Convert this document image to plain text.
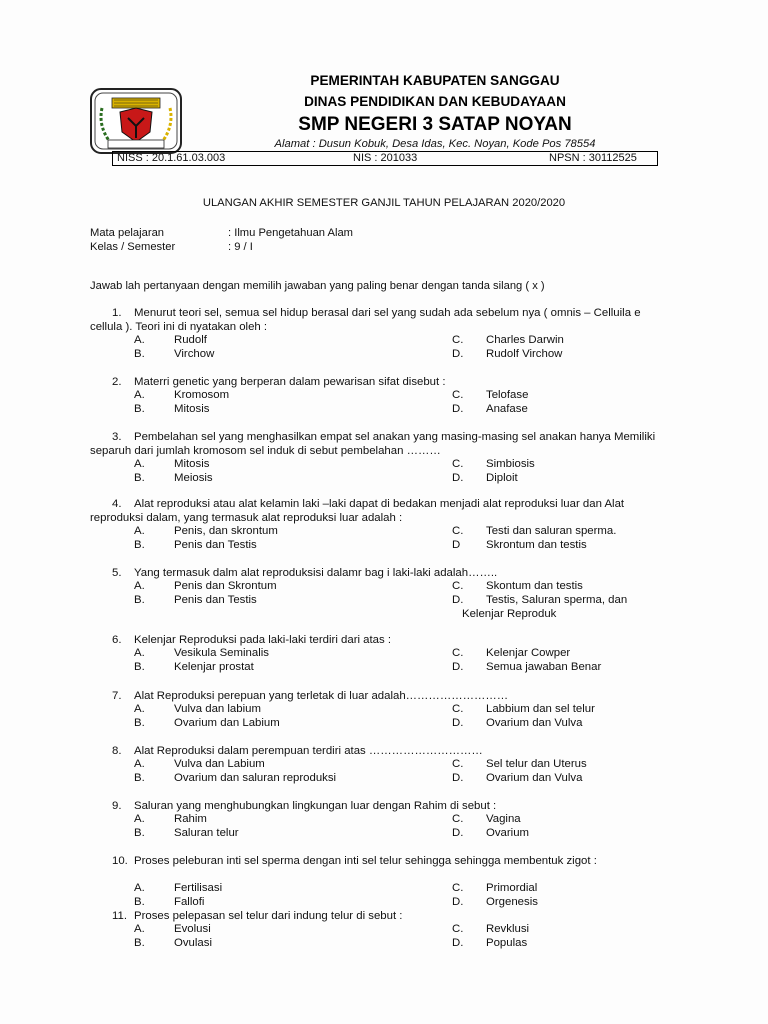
PEMERINTAH KABUPATEN SANGGAU
DINAS PENDIDIKAN DAN KEBUDAYAAN
SMP NEGERI 3 SATAP NOYAN
Alamat : Dusun Kobuk, Desa Idas, Kec. Noyan, Kode Pos 78554
NISS : 20.1.61.03.003	NIS : 201033	NPSN : 30112525
ULANGAN AKHIR SEMESTER GANJIL TAHUN PELAJARAN 2020/2020
Mata pelajaran	: Ilmu Pengetahuan Alam
Kelas / Semester	: 9 / I
Jawab lah pertanyaan dengan memilih jawaban yang paling benar dengan tanda silang ( x )
1.	Menurut teori sel, semua sel hidup berasal dari sel yang sudah ada sebelum nya ( omnis – Celluila e cellula ). Teori ini di nyatakan oleh :
A.	Rudolf	C. Charles Darwin
B.	Virchow	D. Rudolf Virchow
2.	Materri genetic yang berperan dalam pewarisan sifat disebut :
A.	Kromosom	C. Telofase
B.	Mitosis	D. Anafase
3.	Pembelahan sel yang menghasilkan empat sel anakan yang masing-masing sel anakan hanya Memiliki separuh dari jumlah kromosom sel induk di sebut pembelahan ………
A.	Mitosis	C. Simbiosis
B.	Meiosis	D. Diploit
4.	Alat reproduksi atau alat kelamin laki –laki dapat di bedakan menjadi alat reproduksi luar dan Alat reproduksi dalam, yang termasuk alat reproduksi luar adalah :
A.	Penis, dan skrontum	C. Testi dan saluran sperma.
B.	Penis dan Testis	D Skrontum dan testis
5.	Yang termasuk dalm alat reproduksisi dalamr bag i laki-laki adalah……..
A.	Penis dan Skrontum	C. Skontum dan testis
B.	Penis dan Testis	D. Testis, Saluran sperma, dan
Kelenjar Reproduk
6.	Kelenjar Reproduksi pada laki-laki terdiri dari atas :
A.	Vesikula Seminalis	C. Kelenjar Cowper
B.	Kelenjar prostat	D. Semua jawaban Benar
7.	Alat Reproduksi perepuan yang terletak di luar adalah………………………
A.	Vulva dan labium	C. Labbium dan sel telur
B.	Ovarium dan Labium	D. Ovarium dan Vulva
8.	Alat Reproduksi dalam perempuan terdiri atas …………………………
A.	Vulva dan Labium	C. Sel telur dan Uterus
B.	Ovarium dan saluran reproduksi	D. Ovarium dan Vulva
9.	Saluran yang menghubungkan lingkungan luar dengan Rahim di sebut :
A.	Rahim	C. Vagina
B.	Saluran telur	D. Ovarium
10. Proses peleburan inti sel sperma dengan inti sel telur sehingga sehingga membentuk zigot :
A.	Fertilisasi	C. Primordial
B.	Fallofi	D. Orgenesis
11. Proses pelepasan sel telur dari indung telur di sebut :
A.	Evolusi	C. Revklusi
B.	Ovulasi	D. Populas
